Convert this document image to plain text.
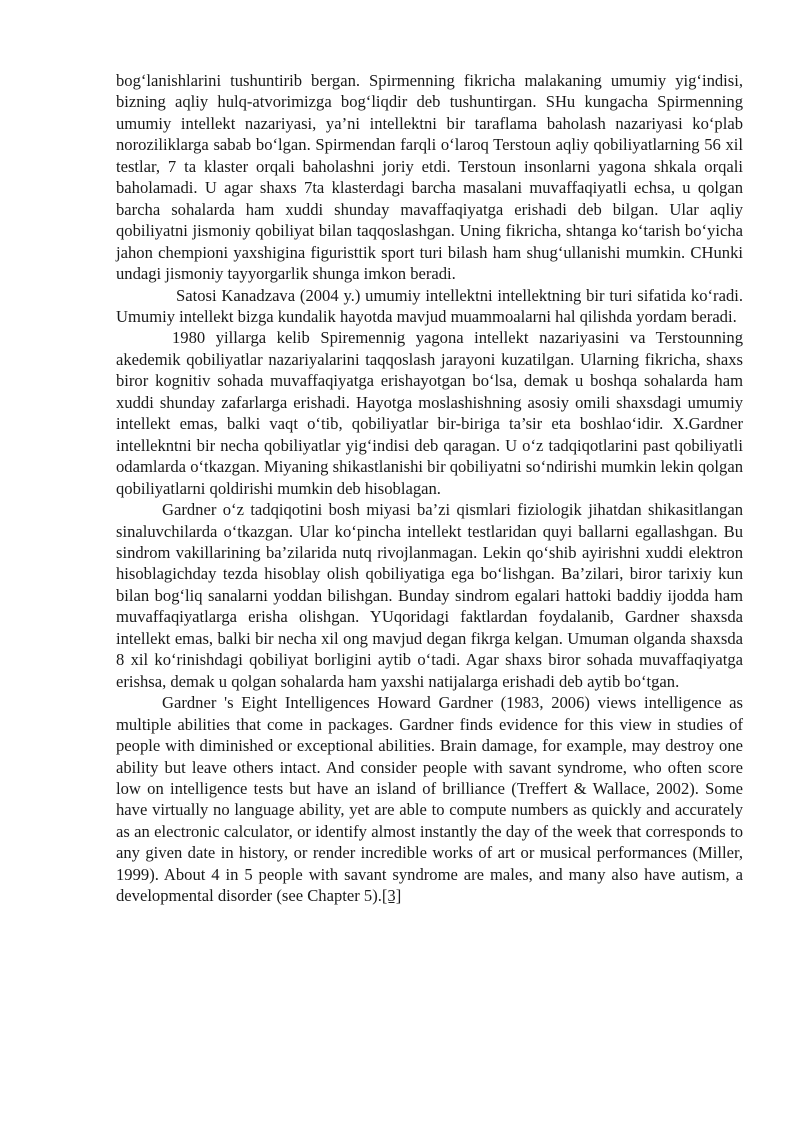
bog‘lanishlarini tushuntirib bergan. Spirmenning fikricha malakaning umumiy yig‘indisi, bizning aqliy hulq-atvorimizga bog‘liqdir deb tushuntirgan. SHu kungacha Spirmenning umumiy intellekt nazariyasi, ya’ni intellektni bir taraflama baholash nazariyasi ko‘plab noroziliklarga sabab bo‘lgan. Spirmendan farqli o‘laroq Terstoun aqliy qobiliyatlarning 56 xil testlar, 7 ta klaster orqali baholashni joriy etdi. Terstoun insonlarni yagona shkala orqali baholamadi. U agar shaxs 7ta klasterdagi barcha masalani muvaffaqiyatli echsa, u qolgan barcha sohalarda ham xuddi shunday mavaffaqiyatga erishadi deb bilgan. Ular aqliy qobiliyatni jismoniy qobiliyat bilan taqqoslashgan. Uning fikricha, shtanga ko‘tarish bo‘yicha jahon chempioni yaxshigina figuristtik sport turi bilash ham shug‘ullanishi mumkin. CHunki undagi jismoniy tayyorgarlik shunga imkon beradi.

Satosi Kanadzava (2004 y.) umumiy intellektni intellektning bir turi sifatida ko‘radi. Umumiy intellekt bizga kundalik hayotda mavjud muammoalarni hal qilishda yordam beradi.

1980 yillarga kelib Spiremennig yagona intellekt nazariyasini va Terstounning akedemik qobiliyatlar nazariyalarini taqqoslash jarayoni kuzatilgan. Ularning fikricha, shaxs biror kognitiv sohada muvaffaqiyatga erishayotgan bo‘lsa, demak u boshqa sohalarda ham xuddi shunday zafarlarga erishadi. Hayotga moslashishning asosiy omili shaxsdagi umumiy intellekt emas, balki vaqt o‘tib, qobiliyatlar bir-biriga ta’sir eta boshlao‘idir. X.Gardner intellekntni bir necha qobiliyatlar yig‘indisi deb qaragan. U o‘z tadqiqotlarini past qobiliyatli odamlarda o‘tkazgan. Miyaning shikastlanishi bir qobiliyatni so‘ndirishi mumkin lekin qolgan qobiliyatlarni qoldirishi mumkin deb hisoblagan.

Gardner o‘z tadqiqotini bosh miyasi ba’zi qismlari fiziologik jihatdan shikasitlangan sinaluvchilarda o‘tkazgan. Ular ko‘pincha intellekt testlaridan quyi ballarni egallashgan. Bu sindrom vakillarining ba’zilarida nutq rivojlanmagan. Lekin qo‘shib ayirishni xuddi elektron hisoblagichday tezda hisoblay olish qobiliyatiga ega bo‘lishgan. Ba’zilari, biror tarixiy kun bilan bog‘liq sanalarni yoddan bilishgan. Bunday sindrom egalari hattoki baddiy ijodda ham muvaffaqiyatlarga erisha olishgan. YUqoridagi faktlardan foydalanib, Gardner shaxsda intellekt emas, balki bir necha xil ong mavjud degan fikrga kelgan. Umuman olganda shaxsda 8 xil ko‘rinishdagi qobiliyat borligini aytib o‘tadi. Agar shaxs biror sohada muvaffaqiyatga erishsa, demak u qolgan sohalarda ham yaxshi natijalarga erishadi deb aytib bo‘tgan.

Gardner 's Eight Intelligences Howard Gardner (1983, 2006) views intelligence as multiple abilities that come in packages. Gardner finds evidence for this view in studies of people with diminished or exceptional abilities. Brain damage, for example, may destroy one ability but leave others intact. And consider people with savant syndrome, who often score low on intelligence tests but have an island of brilliance (Treffert & Wallace, 2002). Some have virtually no language ability, yet are able to compute numbers as quickly and accurately as an electronic calculator, or identify almost instantly the day of the week that corresponds to any given date in history, or render incredible works of art or musical performances (Miller, 1999). About 4 in 5 people with savant syndrome are males, and many also have autism, a developmental disorder (see Chapter 5).[3]
